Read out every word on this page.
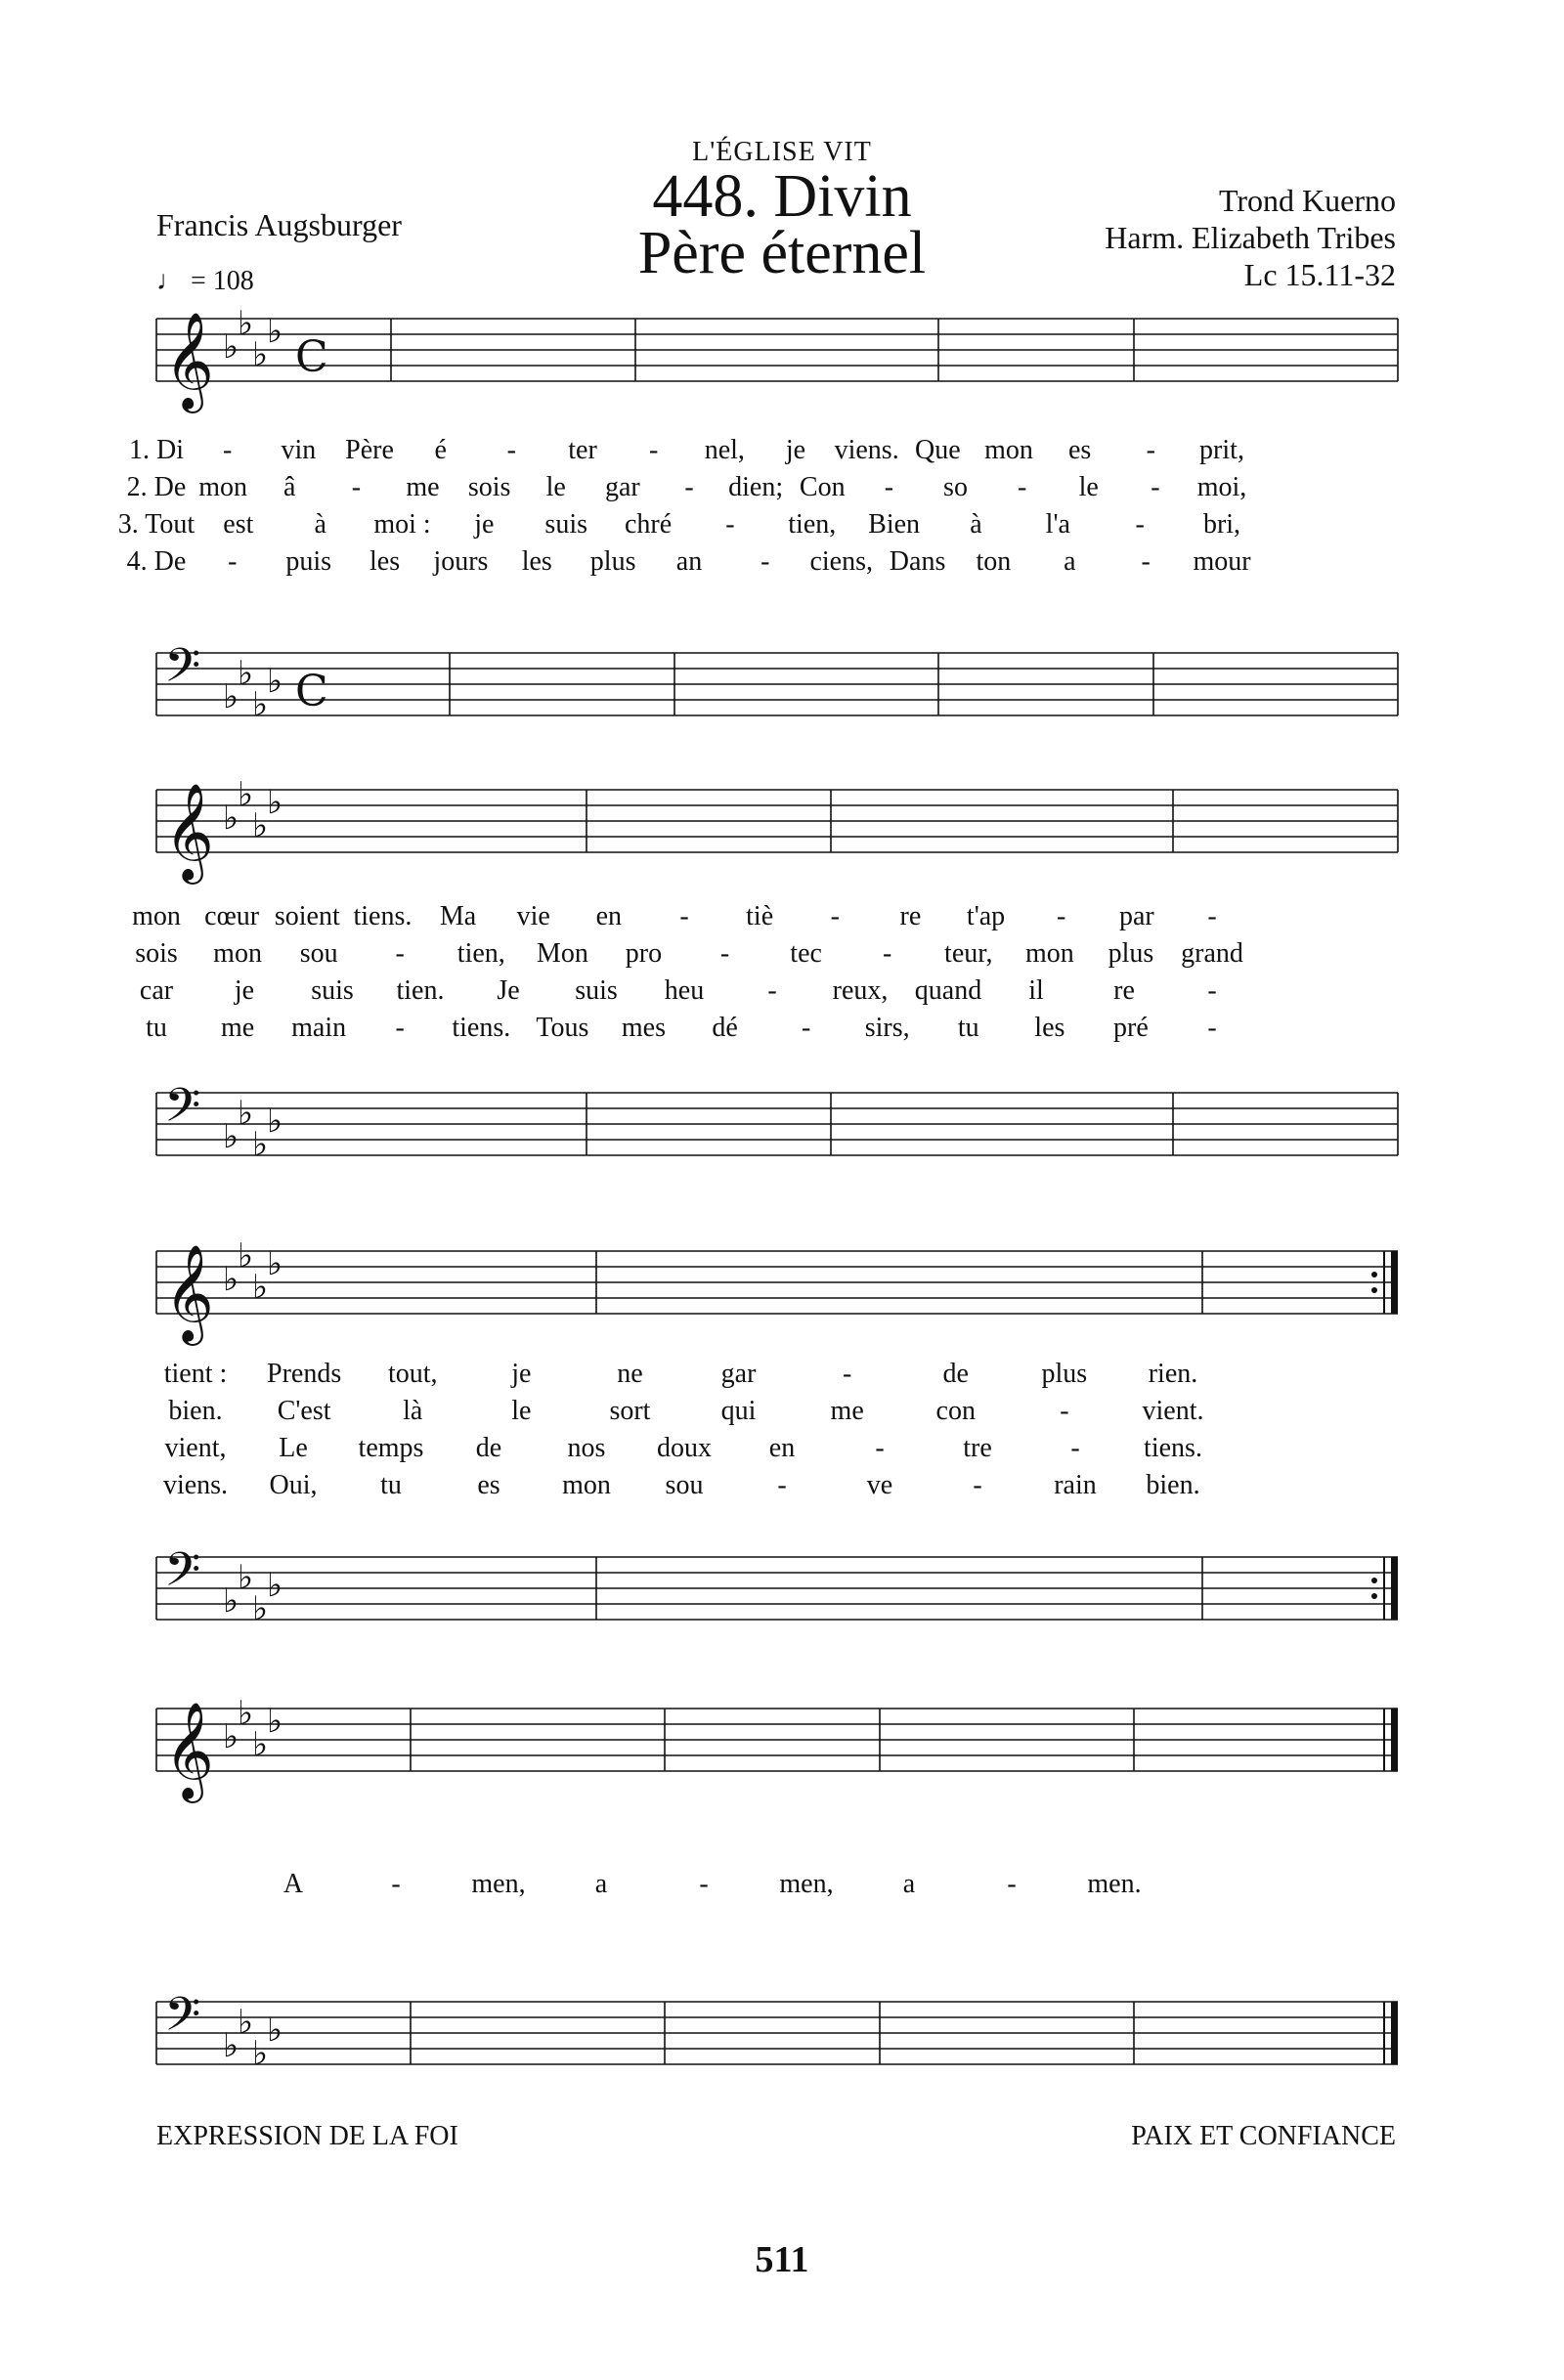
L'ÉGLISE VIT
448. Divin
Père éternel
Francis Augsburger
♩ = 108
Trond Kuerno
Harm. Elizabeth Tribes
Lc 15.11-32
𝄞 ♭
♭
♭
♭
C
𝄢 ♭
♭
♭
♭ C
1. Di - vin Père é - ter - nel, je viens. Que mon es - prit,
2. De mon â - me sois le gar - dien; Con - so - le - moi,
3. Tout est à moi : je suis chré - tien, Bien à l'a - bri,
4. De - puis les jours les plus an - ciens, Dans ton a - mour
𝄞 ♭
♭
♭
♭
𝄢 ♭
♭
♭
♭
mon cœur soient tiens. Ma vie en - tiè - re t'ap - par -
sois mon sou - tien, Mon pro - tec - teur, mon plus grand
car je suis tien. Je suis heu - reux, quand il	re	-
tu me main - tiens. Tous mes dé - sirs, tu les pré -
𝄞 ♭
♭
♭
♭
𝄢 ♭
♭
♭
♭
tient : Prends tout,	je	ne	gar	-	de	plus rien.
bien. C'est	là	le	sort	qui	me	con	-	vient.
vient, Le temps de nos doux en	-	tre	- tiens.
viens. Oui, tu	es mon sou	-	ve	-	rain bien.
𝄞 ♭
♭
♭
♭
𝄢 ♭
♭
♭
♭
A	-	men,	a	-	men,	a	-	men.
EXPRESSION DE LA FOI	PAIX ET CONFIANCE
511
